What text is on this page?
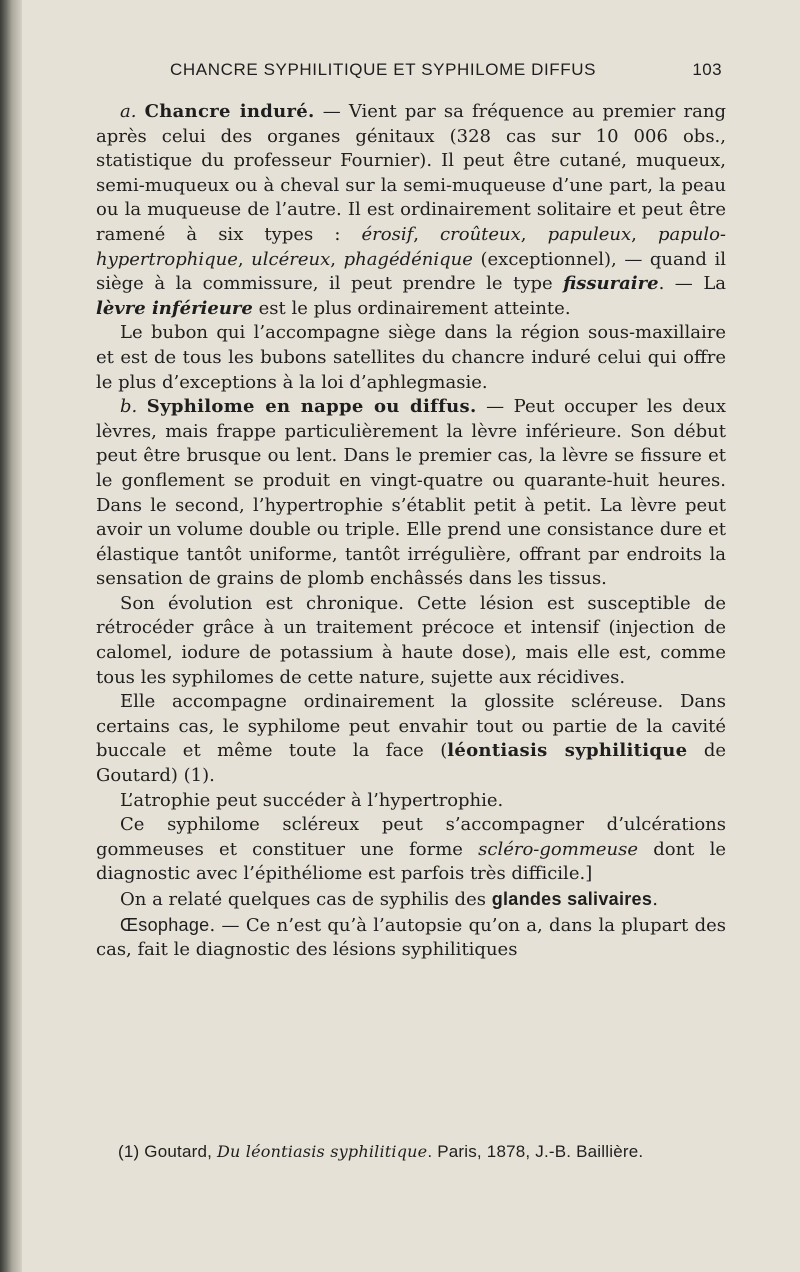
CHANCRE SYPHILITIQUE ET SYPHILOME DIFFUS	103

a. Chancre induré. — Vient par sa fréquence au premier rang après celui des organes génitaux (328 cas sur 10 006 obs., statistique du professeur Fournier). Il peut être cutané, muqueux, semi-muqueux ou à cheval sur la semi-muqueuse d’une part, la peau ou la muqueuse de l’autre. Il est ordinairement solitaire et peut être ramené à six types : érosif, croûteux, papuleux, papulo-hypertrophique, ulcéreux, phagédénique (exceptionnel), — quand il siège à la commissure, il peut prendre le type fissuraire. — La lèvre inférieure est le plus ordinairement atteinte.

Le bubon qui l’accompagne siège dans la région sous-maxillaire et est de tous les bubons satellites du chancre induré celui qui offre le plus d’exceptions à la loi d’aphlegmasie.

b. Syphilome en nappe ou diffus. — Peut occuper les deux lèvres, mais frappe particulièrement la lèvre inférieure. Son début peut être brusque ou lent. Dans le premier cas, la lèvre se fissure et le gonflement se produit en vingt-quatre ou quarante-huit heures. Dans le second, l’hypertrophie s’établit petit à petit. La lèvre peut avoir un volume double ou triple. Elle prend une consistance dure et élastique tantôt uniforme, tantôt irrégulière, offrant par endroits la sensation de grains de plomb enchâssés dans les tissus.

Son évolution est chronique. Cette lésion est susceptible de rétrocéder grâce à un traitement précoce et intensif (injection de calomel, iodure de potassium à haute dose), mais elle est, comme tous les syphilomes de cette nature, sujette aux récidives.

Elle accompagne ordinairement la glossite scléreuse. Dans certains cas, le syphilome peut envahir tout ou partie de la cavité buccale et même toute la face (léontiasis syphilitique de Goutard) (1).

L’atrophie peut succéder à l’hypertrophie.

Ce syphilome scléreux peut s’accompagner d’ulcérations gommeuses et constituer une forme scléro-gommeuse dont le diagnostic avec l’épithéliome est parfois très difficile.]

On a relaté quelques cas de syphilis des glandes salivaires.

Œsophage. — Ce n’est qu’à l’autopsie qu’on a, dans la plupart des cas, fait le diagnostic des lésions syphilitiques

(1) Goutard, Du léontiasis syphilitique. Paris, 1878, J.-B. Baillière.
